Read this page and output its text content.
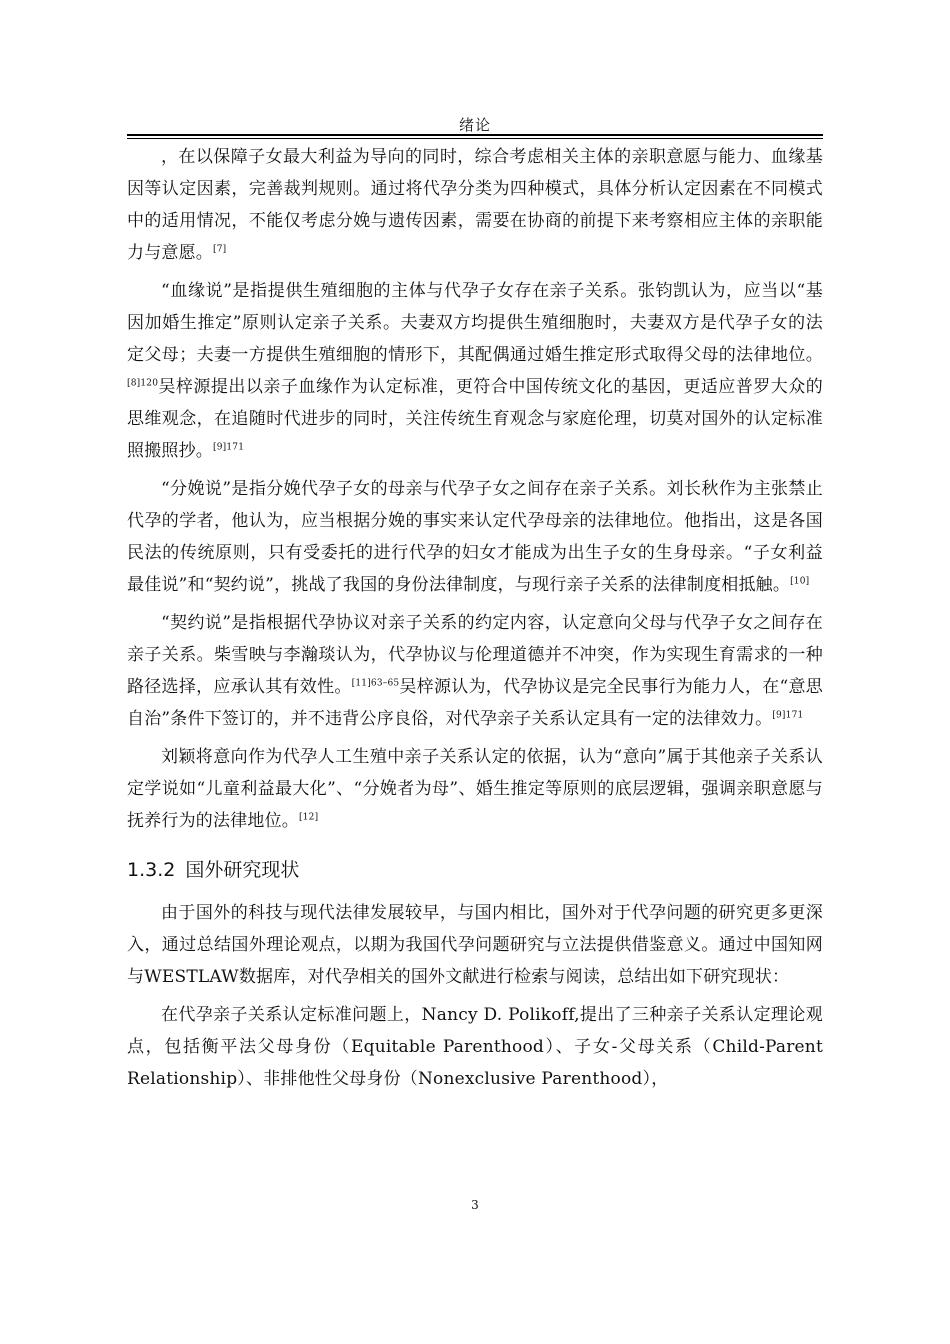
绪论

，在以保障子女最大利益为导向的同时，综合考虑相关主体的亲职意愿与能力、血缘基因等认定因素，完善裁判规则。通过将代孕分类为四种模式，具体分析认定因素在不同模式中的适用情况，不能仅考虑分娩与遗传因素，需要在协商的前提下来考察相应主体的亲职能力与意愿。[7]

“血缘说”是指提供生殖细胞的主体与代孕子女存在亲子关系。张钧凯认为，应当以“基因加婚生推定”原则认定亲子关系。夫妻双方均提供生殖细胞时，夫妻双方是代孕子女的法定父母；夫妻一方提供生殖细胞的情形下，其配偶通过婚生推定形式取得父母的法律地位。$^{[8]120}$吴梓源提出以亲子血缘作为认定标准，更符合中国传统文化的基因，更适应普罗大众的思维观念，在追随时代进步的同时，关注传统生育观念与家庭伦理，切莫对国外的认定标准照搬照抄。$^{[9]171}$

“分娩说”是指分娩代孕子女的母亲与代孕子女之间存在亲子关系。刘长秋作为主张禁止代孕的学者，他认为，应当根据分娩的事实来认定代孕母亲的法律地位。他指出，这是各国民法的传统原则，只有受委托的进行代孕的妇女才能成为出生子女的生身母亲。“子女利益最佳说”和“契约说”，挑战了我国的身份法律制度，与现行亲子关系的法律制度相抵触。[10]

“契约说”是指根据代孕协议对亲子关系的约定内容，认定意向父母与代孕子女之间存在亲子关系。柴雪映与李瀚琰认为，代孕协议与伦理道德并不冲突，作为实现生育需求的一种路径选择，应承认其有效性。$^{[11]63-65}$吴梓源认为，代孕协议是完全民事行为能力人，在“意思自治”条件下签订的，并不违背公序良俗，对代孕亲子关系认定具有一定的法律效力。$^{[9]171}$

刘颖将意向作为代孕人工生殖中亲子关系认定的依据，认为“意向”属于其他亲子关系认定学说如“儿童利益最大化”、“分娩者为母”、婚生推定等原则的底层逻辑，强调亲职意愿与抚养行为的法律地位。[12]

1.3.2 国外研究现状

由于国外的科技与现代法律发展较早，与国内相比，国外对于代孕问题的研究更多更深入，通过总结国外理论观点，以期为我国代孕问题研究与立法提供借鉴意义。通过中国知网与WESTLAW数据库，对代孕相关的国外文献进行检索与阅读，总结出如下研究现状：

在代孕亲子关系认定标准问题上，Nancy D. Polikoff,提出了三种亲子关系认定理论观点，包括衡平法父母身份（Equitable Parenthood）、子女-父母关系（Child-Parent Relationship）、非排他性父母身份（Nonexclusive Parenthood），

3
